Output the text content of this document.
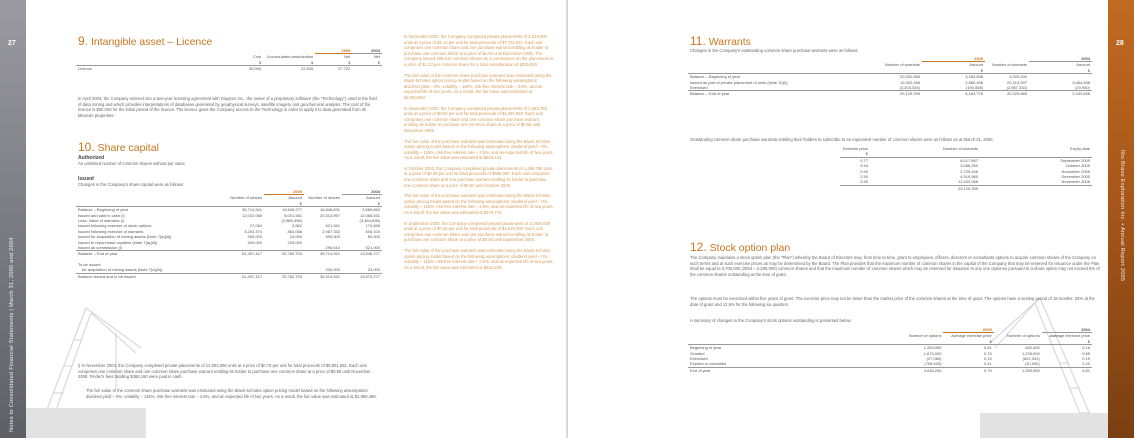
27
Notes to Consolidated Financial Statements | March 31, 2005 and 2004
9. Intangible asset – Licence
			2005	2004
	Cost	Accumulated amortization	Net	Net
	$	$	$	$
Licence	50,000	22,839	27,722	
In April 2004, the Company entered into a two-year licensing agreement with Diagnos Inc., the owner of a proprietary software (the "Technology") used in the field of data mining and which provides interpretations of databases generated by geophysical surveys, satellite imagery and geochemical analysis. The cost of the licence is $50,000 for the initial period of the licence. The licence gives the Company access to the Technology in order to apply it to data generated from its Mexican properties.
10. Share capital
Authorized
An unlimited number of common shares without par value
Issued
Changes in the Company's share capital were as follows:
		2005		2004
	Number of shares	Amount	Number of shares	Amount
		$		$
Balance – Beginning of year	35,714,941	13,546,277	16,846,631	3,589,660
Issued and paid in cash (i)	12,002,068	8,001,551	20,313,997	12,085,531
Less: Value of warrants (i)		(2,880,496)		(3,454,698)
Issued following exercise of stock options	27,084	5,562	621,941	174,658
Issued following exercise of warrants	3,253,374	863,068	2,987,332	605,100
Issued for acquisition of mining assets (Note 7(a)(iii))	200,000	24,000	600,000	60,000
Issued to repurchase royalties (Note 7(a)(iii))	300,000	225,000		
Issued as commission (i)			296,610	521,000
Balance – End of year	51,457,417	20,782,703	35,714,941	13,546,277

To be issued				
for acquisition of mining assets (Note 7(a)(iii))			200,000	24,000
Balance issued and to be issued	51,457,417	20,782,703	35,914,941	13,570,277
i) In November 2004, the Company completed private placements of 12,002,068 units at a price of $0.75 per unit for total proceeds of $9,001,551. Each unit comprises one common share and one common share purchase warrant entitling its holder to purchase one common share at a price of $0.90 until November 2006. Finder's fees totalling $368,160 were paid in cash.
The fair value of the common share purchase warrants was estimated using the Black-Scholes option pricing model based on the following assumptions: dividend yield – 0%, volatility – 116%, risk-free interest rate – 4.5%, and an expected life of two years. As a result, the fair value was estimated at $2,880,496.
In December 2003, the Company completed private placements of 4,319,900 units at a price of $1.12 per unit for total proceeds of $7,702,911. Each unit comprises one common share and one purchase warrant entitling its holder to purchase one common share at a price of $1.50 until December 2005. The Company issued 296,610 common shares as a commission on the placement at a price of $1.13 per common share for a total consideration of $325,000.
The fair value of the common share purchase warrants was estimated using the Black-Scholes option pricing model based on the following assumptions: dividend yield – 0%, volatility – 116%, risk-free interest rate – 3.5%, and an expected life of two years. As a result, the fair value was estimated at $2,053,884.
In November 2003, the Company completed private placements of 2,483,750 units at a price of $0.52 per unit for total proceeds of $1,291,550. Each unit comprises one common share and one common share purchase warrant entitling its holder to purchase one common share at a price of $0.68 until November 2005.
The fair value of the purchase warrants was estimated using the Black-Scholes option pricing model based on the following assumptions: dividend yield – 0%, volatility – 116%, risk-free interest rate – 3.5%, and an expected life of two years. As a result, the fair value was estimated at $610,144.
In October 2003, the Company completed private placements of 1,466,750 units at a price of $0.40 per unit for total proceeds of $586,000. Each unit comprises one common share and one purchase warrant entitling its holder to purchase one common share at a price of $0.50 until October 2005.
The fair value of the purchase warrants was estimated using the Black-Scholes option pricing model based on the following assumptions: dividend yield – 0%, volatility – 116%, risk-free interest rate – 3.5%, and an expected life of two years. As a result, the fair value was estimated at $270,776.
In September 2003, the Company completed private placements of 11,500,000 units at a price of $0.35 per unit for total proceeds of $4,025,000. Each unit comprises one common share and one purchase warrant entitling its holder to purchase one common share at a price of $0.50 until September 2005.
The fair value of the purchase warrants was estimated using the Black-Scholes option pricing model based on the following assumptions: dividend yield – 0%, volatility – 116%, risk-free interest rate – 3.5%, and an expected life of two years. As a result, the fair value was estimated at $463,226.
11. Warrants
Changes in the Company's outstanding common share purchase warrants were as follows:
		2005		2004
	Number of warrants	Amount	Number of warrants	Amount
		$		$
Balance – Beginning of year	20,320,665	3,453,838	3,000,000	
Issued as part of private placement of units (Note 10(i))	12,002,068	2,880,496	20,313,997	3,454,698
Exercised	(3,203,334)	(190,558)	(2,987,332)	(20,960)
Balance – End of year	29,129,399	6,163,776	20,320,665	3,433,838
Outstanding common share purchase warrants entitling their holders to subscribe to an equivalent number of common shares were as follows as at March 31, 2005:
Exercise price	Number of warrants	Expiry date
$		
0.77	8,017,667	September 2005
0.94	3,456,250	October 2005
0.94	2,729,446	November 2005
2.50	4,919,969	December 2005
0.90	12,002,068	November 2006
	29,125,399	
12. Stock option plan
The Company maintains a stock option plan (the "Plan") whereby the Board of Directors may, from time to time, grant to employees, officers, directors or consultants options to acquire common shares of the Company on such terms and at such exercise prices as may be determined by the Board. The Plan provides that the maximum number of common shares in the capital of the Company that may be reserved for issuance under the Plan shall be equal to 3,700,000 (2004 – 2,295,000) common shares and that the maximum number of common shares which may be reserved for issuance to any one optionee pursuant to a share option may not exceed 5% of the common shares outstanding at the time of grant.
The options must be exercised within five years of grant. The exercise price may not be lower than the market price of the common shares at the time of grant. The options have a vesting period of 18 months: 25% at the date of grant and 12.5% for the following six quarters.
A summary of changes in the Company's stock options outstanding is presented below:
		2005		2004
	Number of options	Average exercise price	Number of options	Average exercise price
		$		$
Beginning of year	1,283,959	0.81	680,000	0.16
Granted	1,670,000	0.76	1,235,000	0.85
Exercised	(27,084)	0.15	(621,041)	0.19
Expired or cancelled	(708,625)	0.41	(10,000)	0.20
End of year	3,046,250	0.79	1,283,959	0.81
28
Rio Bravo Exploration Inc. • Annual Report 2005
